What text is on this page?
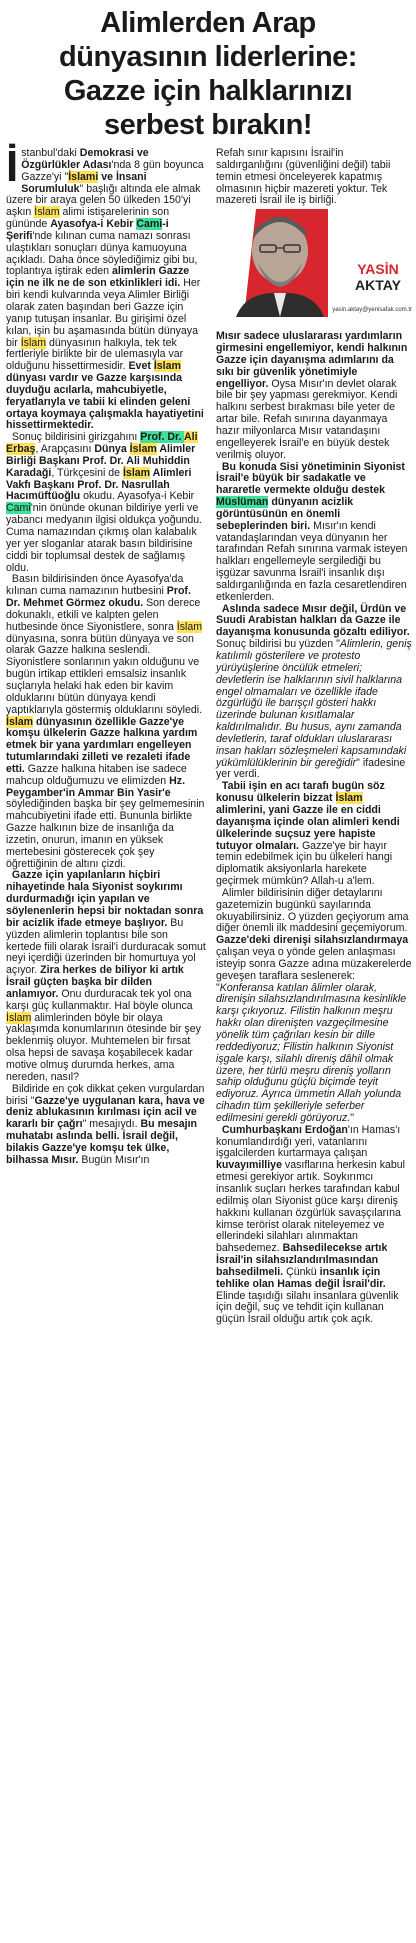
Alimlerden Arap
dünyasının liderlerine:
Gazze için halklarınızı
serbest bırakın!
YASİN
AKTAY
yasin.aktay@yenisafak.com.tr

İstanbul'daki Demokrasi ve Özgürlükler Adası'nda 8 gün boyunca Gazze'yi "İslami ve İnsani Sorumluluk" başlığı altında ele almak üzere bir araya gelen 50 ülkeden 150'yi aşkın İslam alimi istişarelerinin son gününde Ayasofya-i Kebir Cami-i Şerifi'nde kılınan cuma namazı sonrası ulaştıkları sonuçları dünya kamuoyuna açıkladı. Daha önce söylediğimiz gibi bu, toplantıya iştirak eden alimlerin Gazze için ne ilk ne de son etkinlikleri idi. Her biri kendi kulvarında veya Alimler Birliği olarak zaten başından beri Gazze için yanıp tutuşan insanlar. Bu girişimi özel kılan, işin bu aşamasında bütün dünyaya bir İslam dünyasının halkıyla, tek tek fertleriyle birlikte bir de ulemasıyla var olduğunu hissettirmesidir. Evet İslam dünyası vardır ve Gazze karşısında duyduğu acılarla, mahcubiyetle, feryatlarıyla ve tabii ki elinden geleni ortaya koymaya çalışmakla hayatiyetini hissettirmektedir.

Sonuç bildirisini girizgahını Prof. Dr. Ali Erbaş, Arapçasını Dünya İslam Alimler Birliği Başkanı Prof. Dr. Ali Muhiddin Karadaği, Türkçesini de İslam Alimleri Vakfı Başkanı Prof. Dr. Nasrullah Hacımüftüoğlu okudu. Ayasofya-i Kebir Cami'nin önünde okunan bildiriye yerli ve yabancı medyanın ilgisi oldukça yoğundu. Cuma namazından çıkmış olan kalabalık yer yer sloganlar atarak basın bildirisine ciddi bir toplumsal destek de sağlamış oldu.

Basın bildirisinden önce Ayasofya'da kılınan cuma namazının hutbesini Prof. Dr. Mehmet Görmez okudu. Son derece dokunaklı, etkili ve kalpten gelen hutbesinde önce Siyonistlere, sonra İslam dünyasına, sonra bütün dünyaya ve son olarak Gazze halkına seslendi. Siyonistlere sonlarının yakın olduğunu ve bugün irtikap ettikleri emsalsiz insanlık suçlarıyla helaki hak eden bir kavim olduklarını bütün dünyaya kendi yaptıklarıyla göstermiş olduklarını söyledi. İslam dünyasının özellikle Gazze'ye komşu ülkelerin Gazze halkına yardım etmek bir yana yardımları engelleyen tutumlarındaki zilleti ve rezaleti ifade etti. Gazze halkına hitaben ise sadece mahcup olduğumuzu ve elimizden Hz. Peygamber'in Ammar Bin Yasir'e söylediğinden başka bir şey gelmemesinin mahcubiyetini ifade etti. Bununla birlikte Gazze halkının bize de insanlığa da izzetin, onurun, imanın en yüksek mertebesini gösterecek çok şey öğrettiğinin de altını çizdi.

Gazze için yapılanların hiçbiri nihayetinde hala Siyonist soykırımı durdurmadığı için yapılan ve söylenenlerin hepsi bir noktadan sonra bir acizlik ifade etmeye başlıyor. Bu yüzden alimlerin toplantısı bile son kertede fiili olarak İsrail'i durduracak somut neyi içerdiği üzerinden bir homurtuya yol açıyor. Zira herkes de biliyor ki artık İsrail güçten başka bir dilden anlamıyor. Onu durduracak tek yol ona karşı güç kullanmaktır. Hal böyle olunca İslam alimlerinden böyle bir olaya yaklaşımda konumlarının ötesinde bir şey beklenmiş oluyor. Muhtemelen bir fırsat olsa hepsi de savaşa koşabilecek kadar motive olmuş durumda herkes, ama nereden, nasıl?

Bildiride en çok dikkat çeken vurgulardan birisi "Gazze'ye uygulanan kara, hava ve deniz ablukasının kırılması için acil ve kararlı bir çağrı" mesajıydı. Bu mesajın muhatabı aslında belli. İsrail değil, bilakis Gazze'ye komşu tek ülke, bilhassa Mısır. Bugün Mısır'ın

Refah sınır kapısını İsrail'in saldırganlığını (güvenliğini değil) tabii temin etmesi önceleyerek kapatmış olmasının hiçbir mazereti yoktur. Tek mazereti İsrail ile iş birliği.
Mısır sadece uluslararası yardımların girmesini engellemiyor, kendi halkının Gazze için dayanışma adımlarını da sıkı bir güvenlik yönetimiyle engelliyor. Oysa Mısır'ın devlet olarak bile bir şey yapması gerekmiyor. Kendi halkını serbest bırakması bile yeter de artar bile. Refah sınırına dayanmaya hazır milyonlarca Mısır vatandaşını engelleyerek İsrail'e en büyük destek verilmiş oluyor.

Bu konuda Sisi yönetiminin Siyonist İsrail'e büyük bir sadakatle ve hararetle vermekte olduğu destek Müslüman dünyanın acizlik görüntüsünün en önemli sebeplerinden biri. Mısır'ın kendi vatandaşlarından veya dünyanın her tarafından Refah sınırına varmak isteyen halkları engellemeyle sergilediği bu işgüzar savunma İsrail'i insanlık dışı saldırganlığında en fazla cesaretlendiren etkenlerden.

Aslında sadece Mısır değil, Ürdün ve Suudi Arabistan halkları da Gazze ile dayanışma konusunda gözaltı ediliyor. Sonuç bildirisi bu yüzden "Alimlerin, geniş katılımlı gösterilere ve protesto yürüyüşlerine öncülük etmeleri; devletlerin ise halklarının sivil halklarına engel olmamaları ve özellikle ifade özgürlüğü ile barışçıl gösteri hakkı üzerinde bulunan kısıtlamalar kaldırılmalıdır. Bu husus, aynı zamanda devletlerin, taraf oldukları uluslararası insan hakları sözleşmeleri kapsamındaki yükümlülüklerinin bir gereğidir" ifadesine yer verdi.

Tabii işin en acı tarafı bugün söz konusu ülkelerin bizzat İslam alimlerini, yani Gazze ile en ciddi dayanışma içinde olan alimleri kendi ülkelerinde suçsuz yere hapiste tutuyor olmaları. Gazze'ye bir hayır temin edebilmek için bu ülkeleri hangi diplomatik aksiyonlarla harekete geçirmek mümkün? Allah-u a'lem.

Alimler bildirisinin diğer detaylarını gazetemizin bugünkü sayılarında okuyabilirsiniz. O yüzden geçiyorum ama diğer önemli ilk maddesini geçemiyorum. Gazze'deki direnişi silahsızlandırmaya çalışan veya o yönde gelen anlaşması isteyip sonra Gazze adına müzakerelerde geveşen taraflara seslenerek: "Konferansa katılan âlimler olarak, direnişin silahsızlandırılmasına kesinlikle karşı çıkıyoruz. Filistin halkının meşru hakkı olan direnişten vazgeçilmesine yönelik tüm çağrıları kesin bir dille reddediyoruz; Filistin halkının Siyonist işgale karşı, silahlı direniş dâhil olmak üzere, her türlü meşru direniş yolların sahip olduğunu güçlü biçimde teyit ediyoruz. Ayrıca ümmetin Allah yolunda cihadın tüm şekilleriyle seferber edilmesini gerekli görüyoruz."

Cumhurbaşkanı Erdoğan'ın Hamas'ı konumlandırdığı yeri, vatanlarını işgalcilerden kurtarmaya çalışan kuvayımilliye vasıflarına herkesin kabul etmesi gerekiyor artık. Soykırımcı insanlık suçları herkes tarafından kabul edilmiş olan Siyonist güce karşı direniş hakkını kullanan özgürlük savaşçılarına kimse terörist olarak niteleyemez ve ellerindeki silahları alınmaktan bahsedemez. Bahsedilecekse artık İsrail'in silahsızlandırılmasından bahsedilmeli. Çünkü insanlık için tehlike olan Hamas değil İsrail'dir. Elinde taşıdığı silahı insanlara güvenlik için değil, suç ve tehdit için kullanan güçün İsrail olduğu artık çok açık.
